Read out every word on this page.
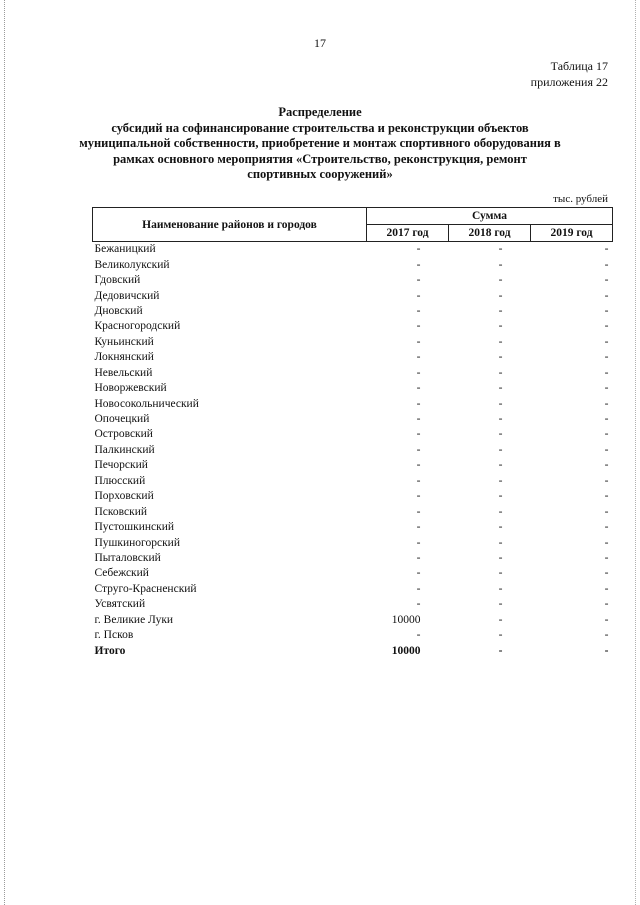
17
Таблица 17
приложения 22
Распределение
субсидий на софинансирование строительства и реконструкции объектов
муниципальной собственности, приобретение и монтаж спортивного оборудования в
рамках основного мероприятия «Строительство, реконструкция, ремонт
спортивных сооружений»
тыс. рублей
Наименование районов и городов	Сумма		
	2017 год	2018 год	2019 год
Бежаницкий	-	-	-
Великолукский	-	-	-
Гдовский	-	-	-
Дедовичский	-	-	-
Дновский	-	-	-
Красногородский	-	-	-
Куньинский	-	-	-
Локнянский	-	-	-
Невельский	-	-	-
Новоржевский	-	-	-
Новосокольнический	-	-	-
Опочецкий	-	-	-
Островский	-	-	-
Палкинский	-	-	-
Печорский	-	-	-
Плюсский	-	-	-
Порховский	-	-	-
Псковский	-	-	-
Пустошкинский	-	-	-
Пушкиногорский	-	-	-
Пыталовский	-	-	-
Себежский	-	-	-
Струго-Красненский	-	-	-
Усвятский	-	-	-
г. Великие Луки	10000	-	-
г. Псков	-	-	-
Итого	10000	-	-
